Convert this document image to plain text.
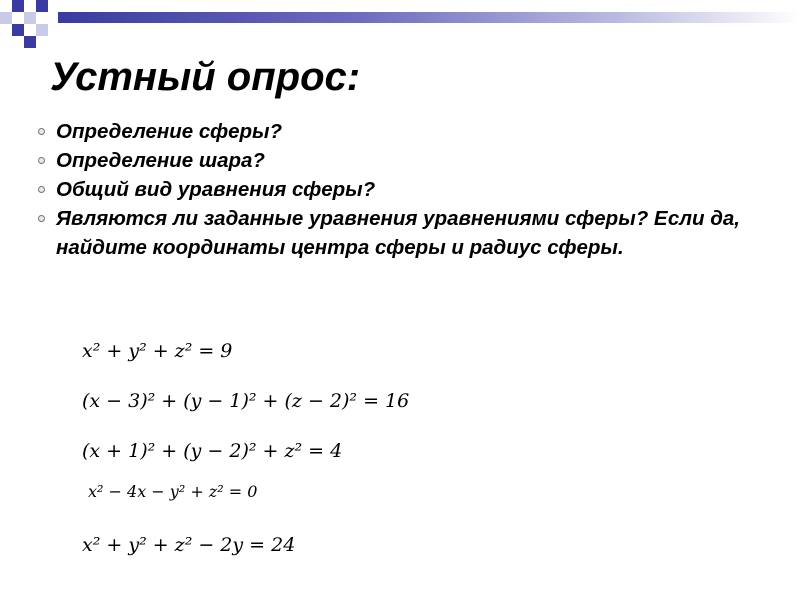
Устный опрос:
Определение сферы?
Определение шара?
Общий вид уравнения сферы?
Являются ли заданные уравнения уравнениями сферы? Если да, найдите координаты центра сферы и радиус сферы.
x² + y² + z² = 9
(x − 3)² + (y − 1)² + (z − 2)² = 16
(x + 1)² + (y − 2)² + z² = 4
x² − 4x − y² + z² = 0
x² + y² + z² − 2y = 24
